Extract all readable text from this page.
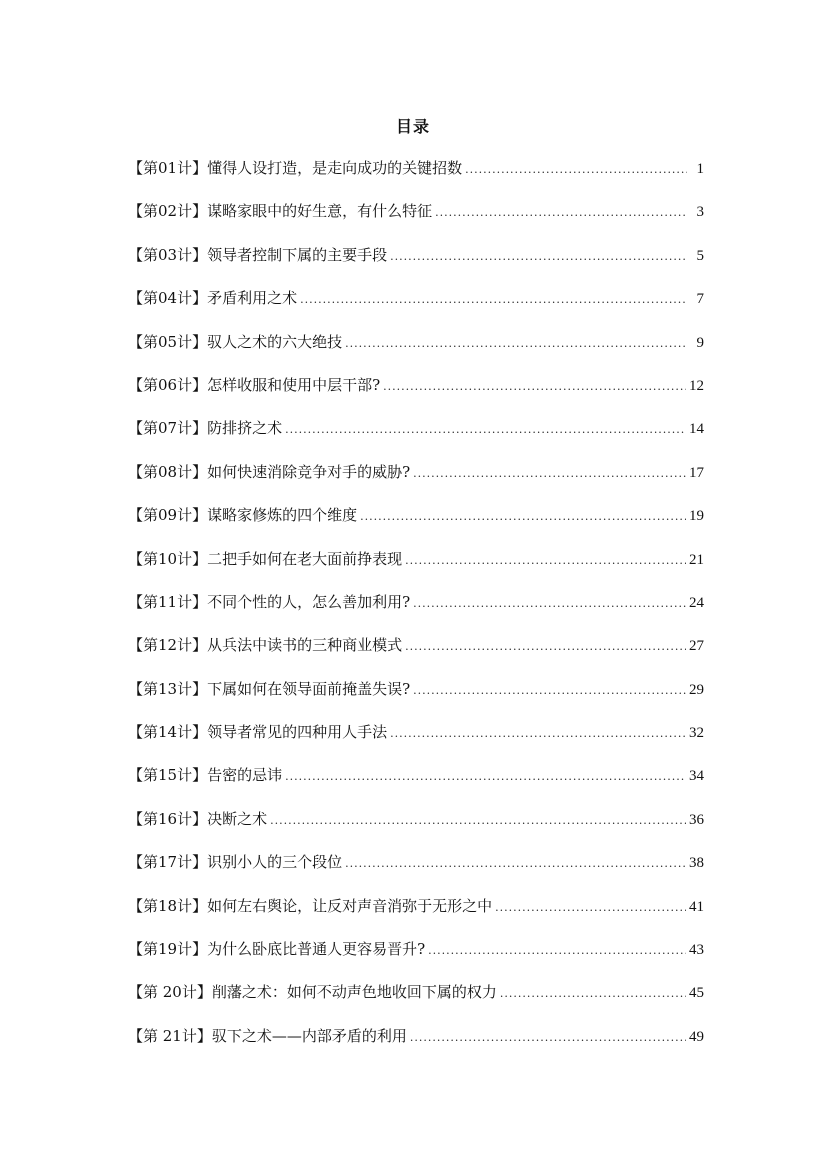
目录
【第01计】懂得人设打造，是走向成功的关键招数 .....	1
【第02计】谋略家眼中的好生意，有什么特征 .....	3
【第03计】领导者控制下属的主要手段 .....	5
【第04计】矛盾利用之术 .....	7
【第05计】驭人之术的六大绝技 .....	9
【第06计】怎样收服和使用中层干部? .....	12
【第07计】防排挤之术 .....	14
【第08计】如何快速消除竞争对手的威胁? .....	17
【第09计】谋略家修炼的四个维度 .....	19
【第10计】二把手如何在老大面前挣表现 .....	21
【第11计】不同个性的人，怎么善加利用? .....	24
【第12计】从兵法中读书的三种商业模式 .....	27
【第13计】下属如何在领导面前掩盖失误? .....	29
【第14计】领导者常见的四种用人手法 .....	32
【第15计】告密的忌讳 .....	34
【第16计】决断之术 .....	36
【第17计】识别小人的三个段位 .....	38
【第18计】如何左右舆论，让反对声音消弥于无形之中 .....	41
【第19计】为什么卧底比普通人更容易晋升? .....	43
【第 20计】削藩之术：如何不动声色地收回下属的权力 .....	45
【第 21计】驭下之术——内部矛盾的利用 .....	49
